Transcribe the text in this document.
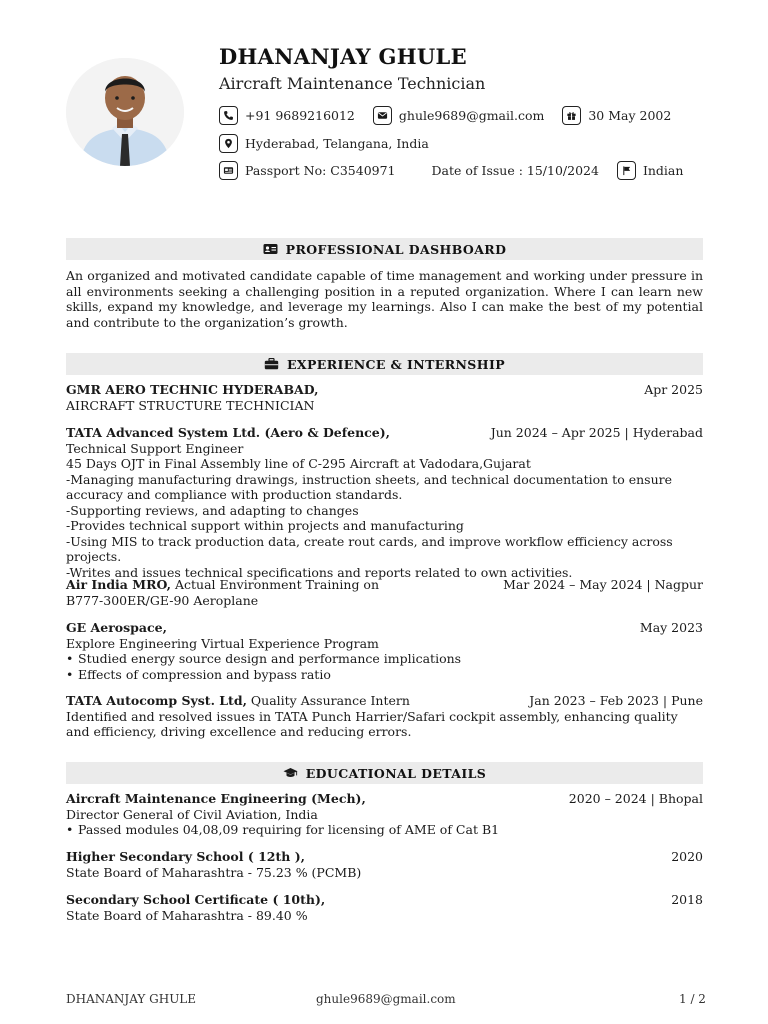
DHANANJAY GHULE
Aircraft Maintenance Technician
+91 9689216012	ghule9689@gmail.com	30 May 2002
Hyderabad, Telangana, India
Passport No: C3540971	Date of Issue : 15/10/2024	Indian
PROFESSIONAL DASHBOARD
An organized and motivated candidate capable of time management and working under pressure in all environments seeking a challenging position in a reputed organization. Where I can learn new skills, expand my knowledge, and leverage my learnings. Also I can make the best of my potential and contribute to the organization’s growth.
EXPERIENCE & INTERNSHIP
GMR AERO TECHNIC HYDERABAD,	Apr 2025
AIRCRAFT STRUCTURE TECHNICIAN
TATA Advanced System Ltd. (Aero & Defence),	Jun 2024 – Apr 2025 | Hyderabad
Technical Support Engineer
45 Days OJT in Final Assembly line of C-295 Aircraft at Vadodara,Gujarat
-Managing manufacturing drawings, instruction sheets, and technical documentation to ensure accuracy and compliance with production standards.
-Supporting reviews, and adapting to changes
-Provides technical support within projects and manufacturing
-Using MIS to track production data, create rout cards, and improve workflow efficiency across projects.
-Writes and issues technical specifications and reports related to own activities.
Air India MRO, Actual Environment Training on	Mar 2024 – May 2024 | Nagpur
B777-300ER/GE-90 Aeroplane
GE Aerospace,	May 2023
Explore Engineering Virtual Experience Program
• Studied energy source design and performance implications
• Effects of compression and bypass ratio
TATA Autocomp Syst. Ltd, Quality Assurance Intern	Jan 2023 – Feb 2023 | Pune
Identified and resolved issues in TATA Punch Harrier/Safari cockpit assembly, enhancing quality and efficiency, driving excellence and reducing errors.
EDUCATIONAL DETAILS
Aircraft Maintenance Engineering (Mech),	2020 – 2024 | Bhopal
Director General of Civil Aviation, India
• Passed modules 04,08,09 requiring for licensing of AME of Cat B1
Higher Secondary School ( 12th ),	2020
State Board of Maharashtra - 75.23 % (PCMB)
Secondary School Certificate ( 10th),	2018
State Board of Maharashtra - 89.40 %
DHANANJAY GHULE	ghule9689@gmail.com	1 / 2
